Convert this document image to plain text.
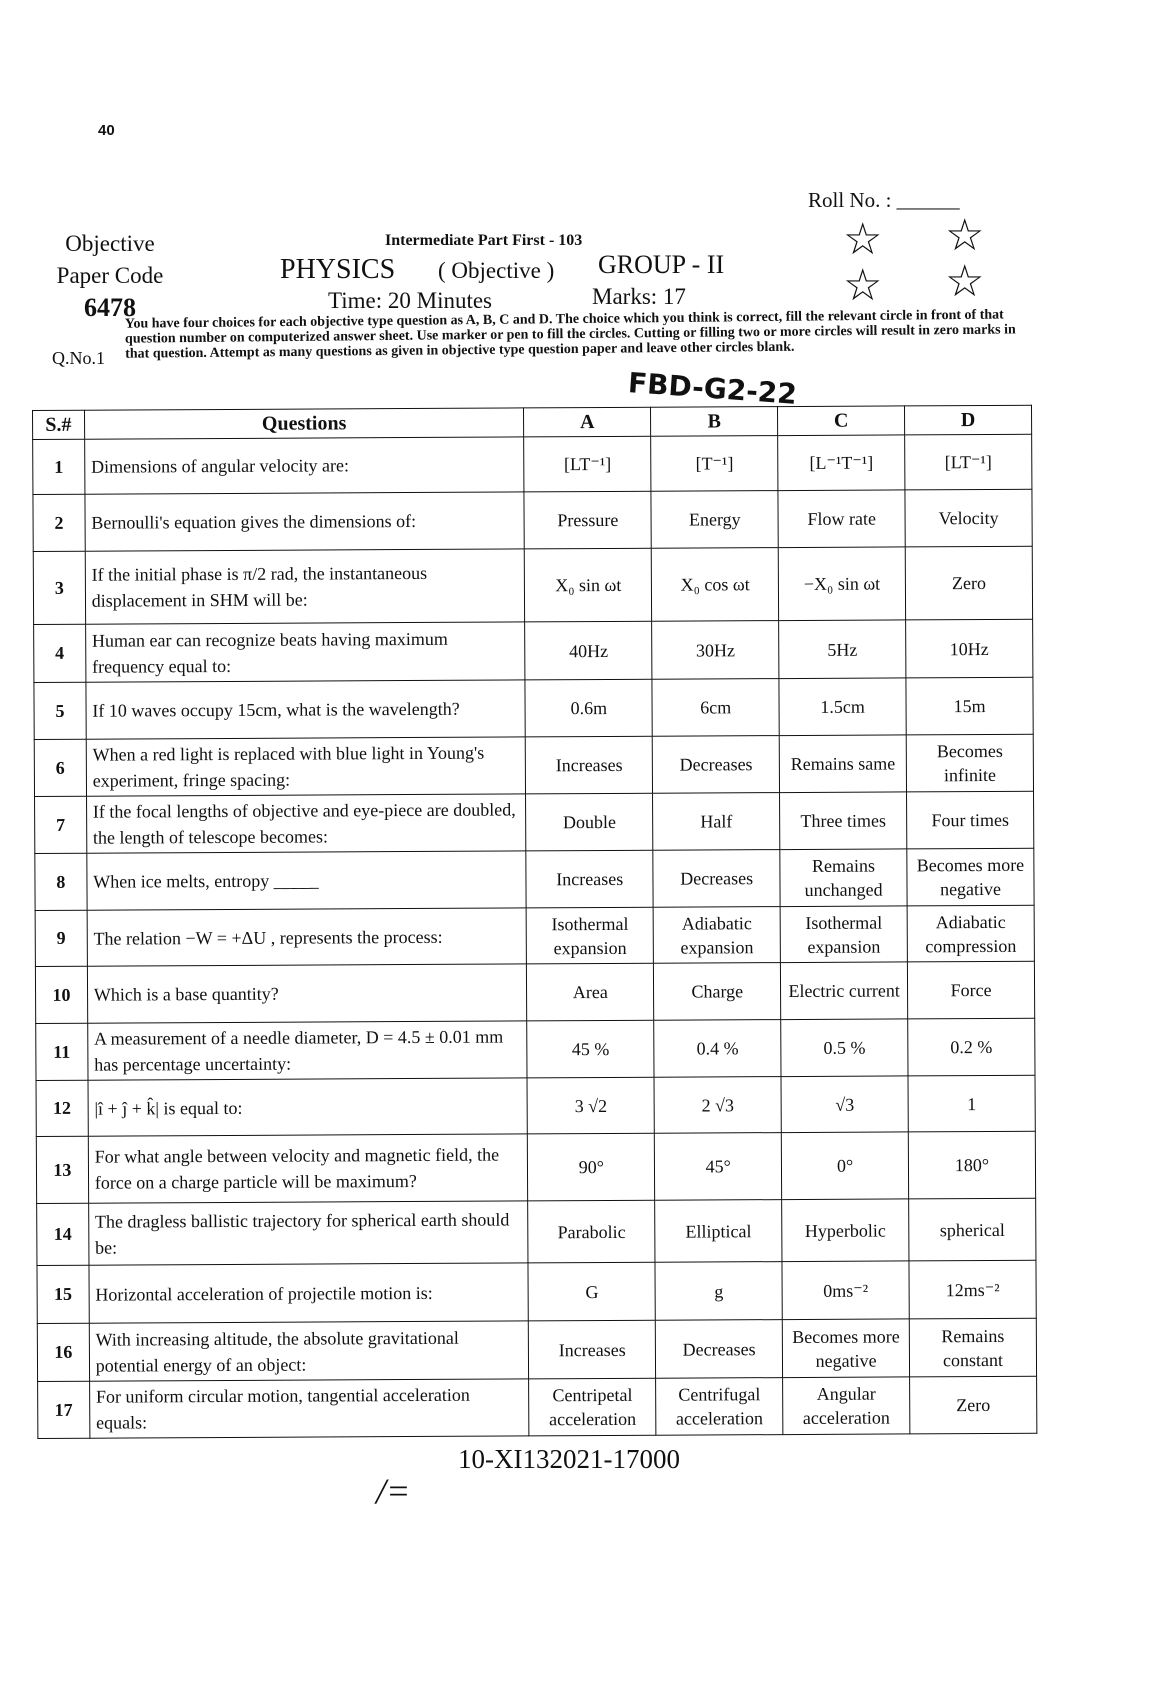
40
Roll No. : ______
Objective
Paper Code
6478
Intermediate Part First - 103
PHYSICS ( Objective ) GROUP - II
Time: 20 Minutes	Marks: 17
☆ ☆
☆ ☆
Q.No.1
You have four choices for each objective type question as A, B, C and D. The choice which you think is correct, fill the relevant circle in front of that question number on computerized answer sheet. Use marker or pen to fill the circles. Cutting or filling two or more circles will result in zero marks in that question. Attempt as many questions as given in objective type question paper and leave other circles blank.
FBD-G2-22
S.#	Questions	A	B	C	D
1	Dimensions of angular velocity are:	[LT⁻¹]	[T⁻¹]	[L⁻¹T⁻¹]	[LT⁻¹]
2	Bernoulli's equation gives the dimensions of:	Pressure	Energy	Flow rate	Velocity
3	If the initial phase is π/2 rad, the instantaneous displacement in SHM will be:	X₀ sin ωt	X₀ cos ωt	−X₀ sin ωt	Zero
4	Human ear can recognize beats having maximum frequency equal to:	40Hz	30Hz	5Hz	10Hz
5	If 10 waves occupy 15cm, what is the wavelength?	0.6m	6cm	1.5cm	15m
6	When a red light is replaced with blue light in Young's experiment, fringe spacing:	Increases	Decreases	Remains same	Becomes infinite
7	If the focal lengths of objective and eye-piece are doubled, the length of telescope becomes:	Double	Half	Three times	Four times
8	When ice melts, entropy _____	Increases	Decreases	Remains unchanged	Becomes more negative
9	The relation −W = +ΔU , represents the process:	Isothermal expansion	Adiabatic expansion	Isothermal expansion	Adiabatic compression
10	Which is a base quantity?	Area	Charge	Electric current	Force
11	A measurement of a needle diameter, D = 4.5 ± 0.01 mm has percentage uncertainty:	45 %	0.4 %	0.5 %	0.2 %
12	|î + ĵ + k̂| is equal to:	3 √2	2 √3	√3	1
13	For what angle between velocity and magnetic field, the force on a charge particle will be maximum?	90°	45°	0°	180°
14	The dragless ballistic trajectory for spherical earth should be:	Parabolic	Elliptical	Hyperbolic	spherical
15	Horizontal acceleration of projectile motion is:	G	g	0ms⁻²	12ms⁻²
16	With increasing altitude, the absolute gravitational potential energy of an object:	Increases	Decreases	Becomes more negative	Remains constant
17	For uniform circular motion, tangential acceleration equals:	Centripetal acceleration	Centrifugal acceleration	Angular acceleration	Zero
10-XI132021-17000
/=
